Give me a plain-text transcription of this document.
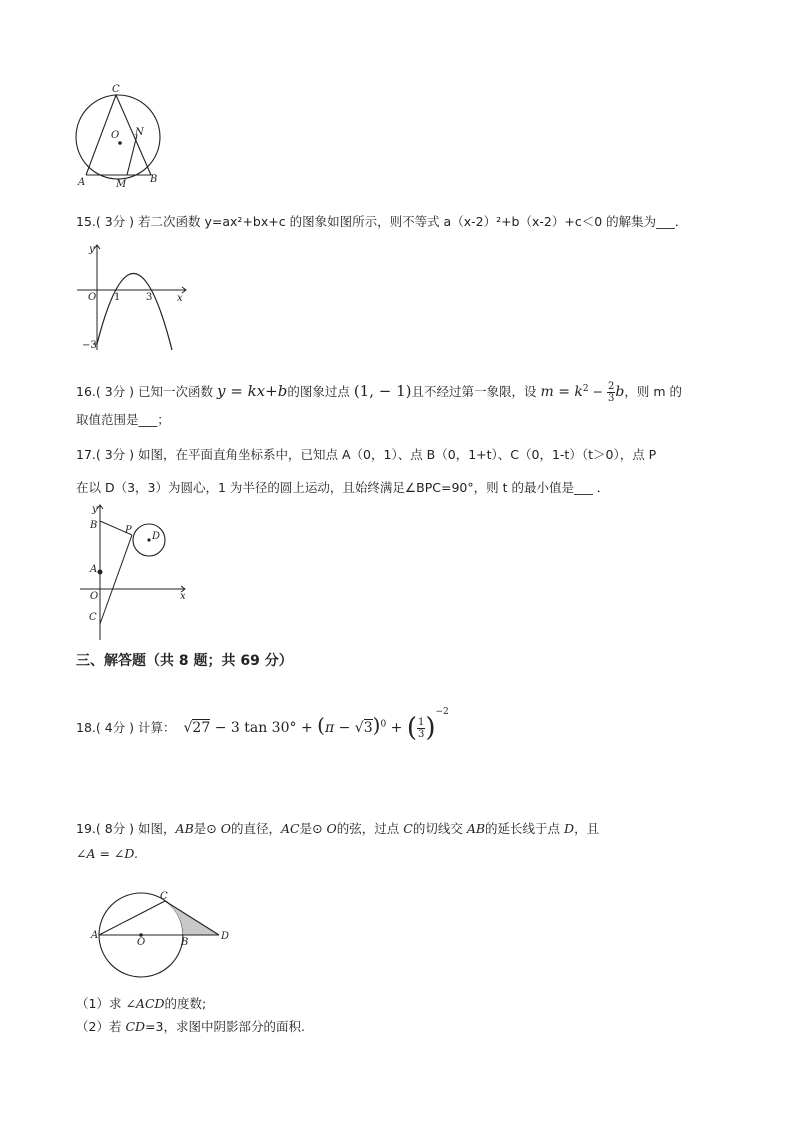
C
O N
A	M B
15.( 3分 ) 若二次函数 y=ax²+bx+c 的图象如图所示，则不等式 a（x-2）²+b（x-2）+c＜0 的解集为___．
y
x
O 1	3
−3
16.( 3分 ) 已知一次函数 y = kx+b的图象过点 (1, − 1)且不经过第一象限，设 $m = k^2 - \frac{2}{3}$ b，则 m 的
取值范围是___；
17.( 3分 ) 如图，在平面直角坐标系中，已知点 A（0，1）、点 B（0，1+t）、C（0，1-t）（t＞0），点 P
在以 D（3，3）为圆心，1 为半径的圆上运动，且始终满足∠BPC=90°，则 t 的最小值是___ ．
y
B	P
D
A
O	x
C
三、解答题（共 8 题；共 69 分）
18.( 4分 ) 计算： √27 − 3 $\tan 30^\circ + (\pi - √3)^0$ + ( $\frac{1}{3} )^{-2}$
19.( 8分 ) 如图，AB是⊙ O的直径，AC是⊙ O的弦，过点 C的切线交 AB的延长线于点 D，且
∠A = ∠D.
C
A
O	B
D
（1）求 ∠ACD的度数;
（2）若 CD=3，求图中阴影部分的面积.
